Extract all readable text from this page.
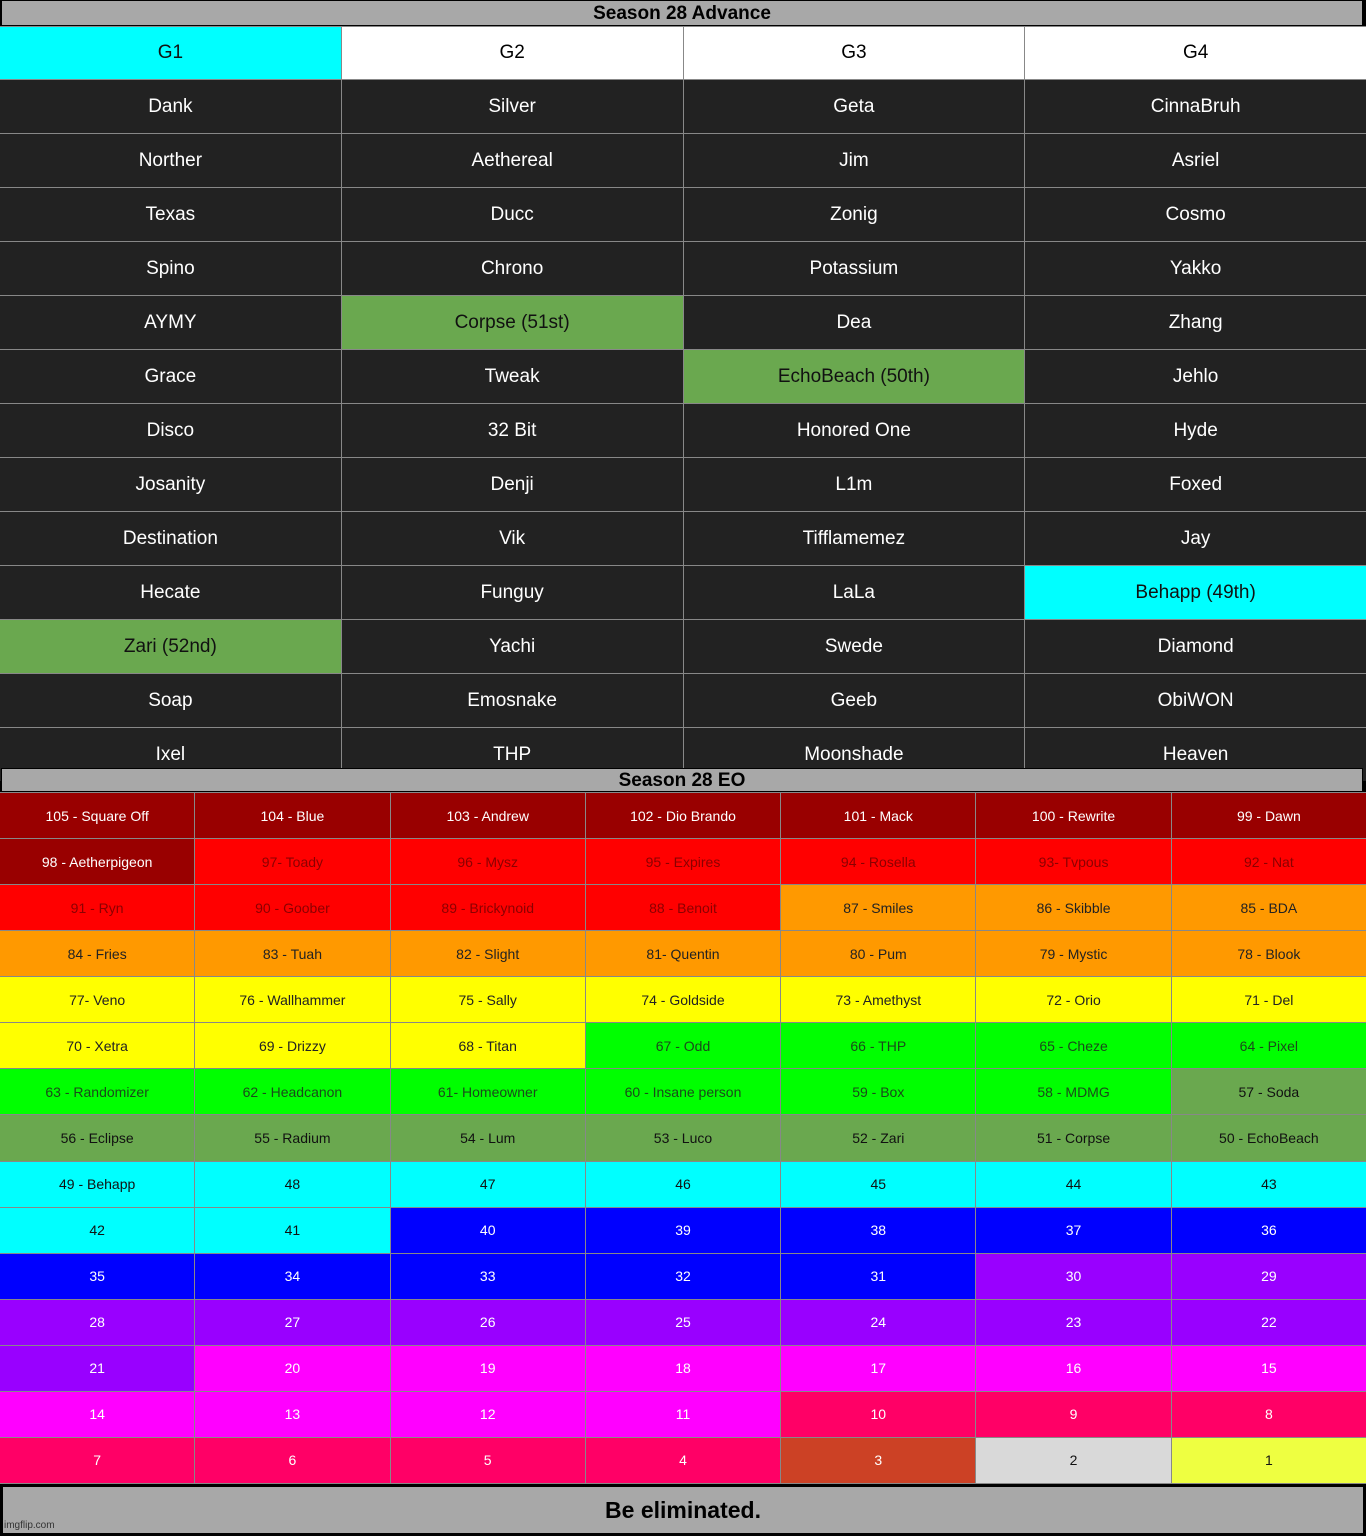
Season 28 Advance
G1	G2	G3	G4
Dank	Silver	Geta	CinnaBruh
Norther	Aethereal	Jim	Asriel
Texas	Ducc	Zonig	Cosmo
Spino	Chrono	Potassium	Yakko
AYMY	Corpse (51st)	Dea	Zhang
Grace	Tweak	EchoBeach (50th)	Jehlo
Disco	32 Bit	Honored One	Hyde
Josanity	Denji	L1m	Foxed
Destination	Vik	Tifflamemez	Jay
Hecate	Funguy	LaLa	Behapp (49th)
Zari (52nd)	Yachi	Swede	Diamond
Soap	Emosnake	Geeb	ObiWON
Ixel	THP	Moonshade	Heaven
Season 28 EO
105 - Square Off	104 - Blue	103 - Andrew	102 - Dio Brando	101 - Mack	100 - Rewrite	99 - Dawn
98 - Aetherpigeon	97- Toady	96 - Mysz	95 - Expires	94 - Rosella	93- Tvpous	92 - Nat
91 - Ryn	90 - Goober	89 - Brickynoid	88 - Benoit	87 - Smiles	86 - Skibble	85 - BDA
84 - Fries	83 - Tuah	82 - Slight	81- Quentin	80 - Pum	79 - Mystic	78 - Blook
77- Veno	76 - Wallhammer	75 - Sally	74 - Goldside	73 - Amethyst	72 - Orio	71 - Del
70 - Xetra	69 - Drizzy	68 - Titan	67 - Odd	66 - THP	65 - Cheze	64 - Pixel
63 - Randomizer	62 - Headcanon	61- Homeowner	60 - Insane person	59 - Box	58 - MDMG	57 - Soda
56 - Eclipse	55 - Radium	54 - Lum	53 - Luco	52 - Zari	51 - Corpse	50 - EchoBeach
49 - Behapp	48	47	46	45	44	43
42	41	40	39	38	37	36
35	34	33	32	31	30	29
28	27	26	25	24	23	22
21	20	19	18	17	16	15
14	13	12	11	10	9	8
7	6	5	4	3	2	1
Be eliminated.
imgflip.com
